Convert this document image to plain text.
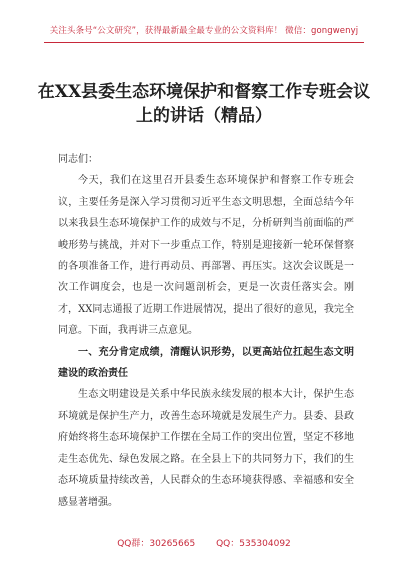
关注头条号“公文研究”，获得最新最全最专业的公文资料库！ 微信：gongwenyj
在XX县委生态环境保护和督察工作专班会议上的讲话（精品）

同志们：

今天，我们在这里召开县委生态环境保护和督察工作专班会议，主要任务是深入学习贯彻习近平生态文明思想，全面总结今年以来我县生态环境保护工作的成效与不足，分析研判当前面临的严峻形势与挑战，并对下一步重点工作，特别是迎接新一轮环保督察的各项准备工作，进行再动员、再部署、再压实。这次会议既是一次工作调度会，也是一次问题剖析会，更是一次责任落实会。刚才，XX同志通报了近期工作进展情况，提出了很好的意见，我完全同意。下面，我再讲三点意见。

一、充分肯定成绩，清醒认识形势，以更高站位扛起生态文明建设的政治责任

生态文明建设是关系中华民族永续发展的根本大计，保护生态环境就是保护生产力，改善生态环境就是发展生产力。县委、县政府始终将生态环境保护工作摆在全局工作的突出位置，坚定不移地走生态优先、绿色发展之路。在全县上下的共同努力下，我们的生态环境质量持续改善，人民群众的生态环境获得感、幸福感和安全感显著增强。

QQ群：30265665 QQ：535304092
